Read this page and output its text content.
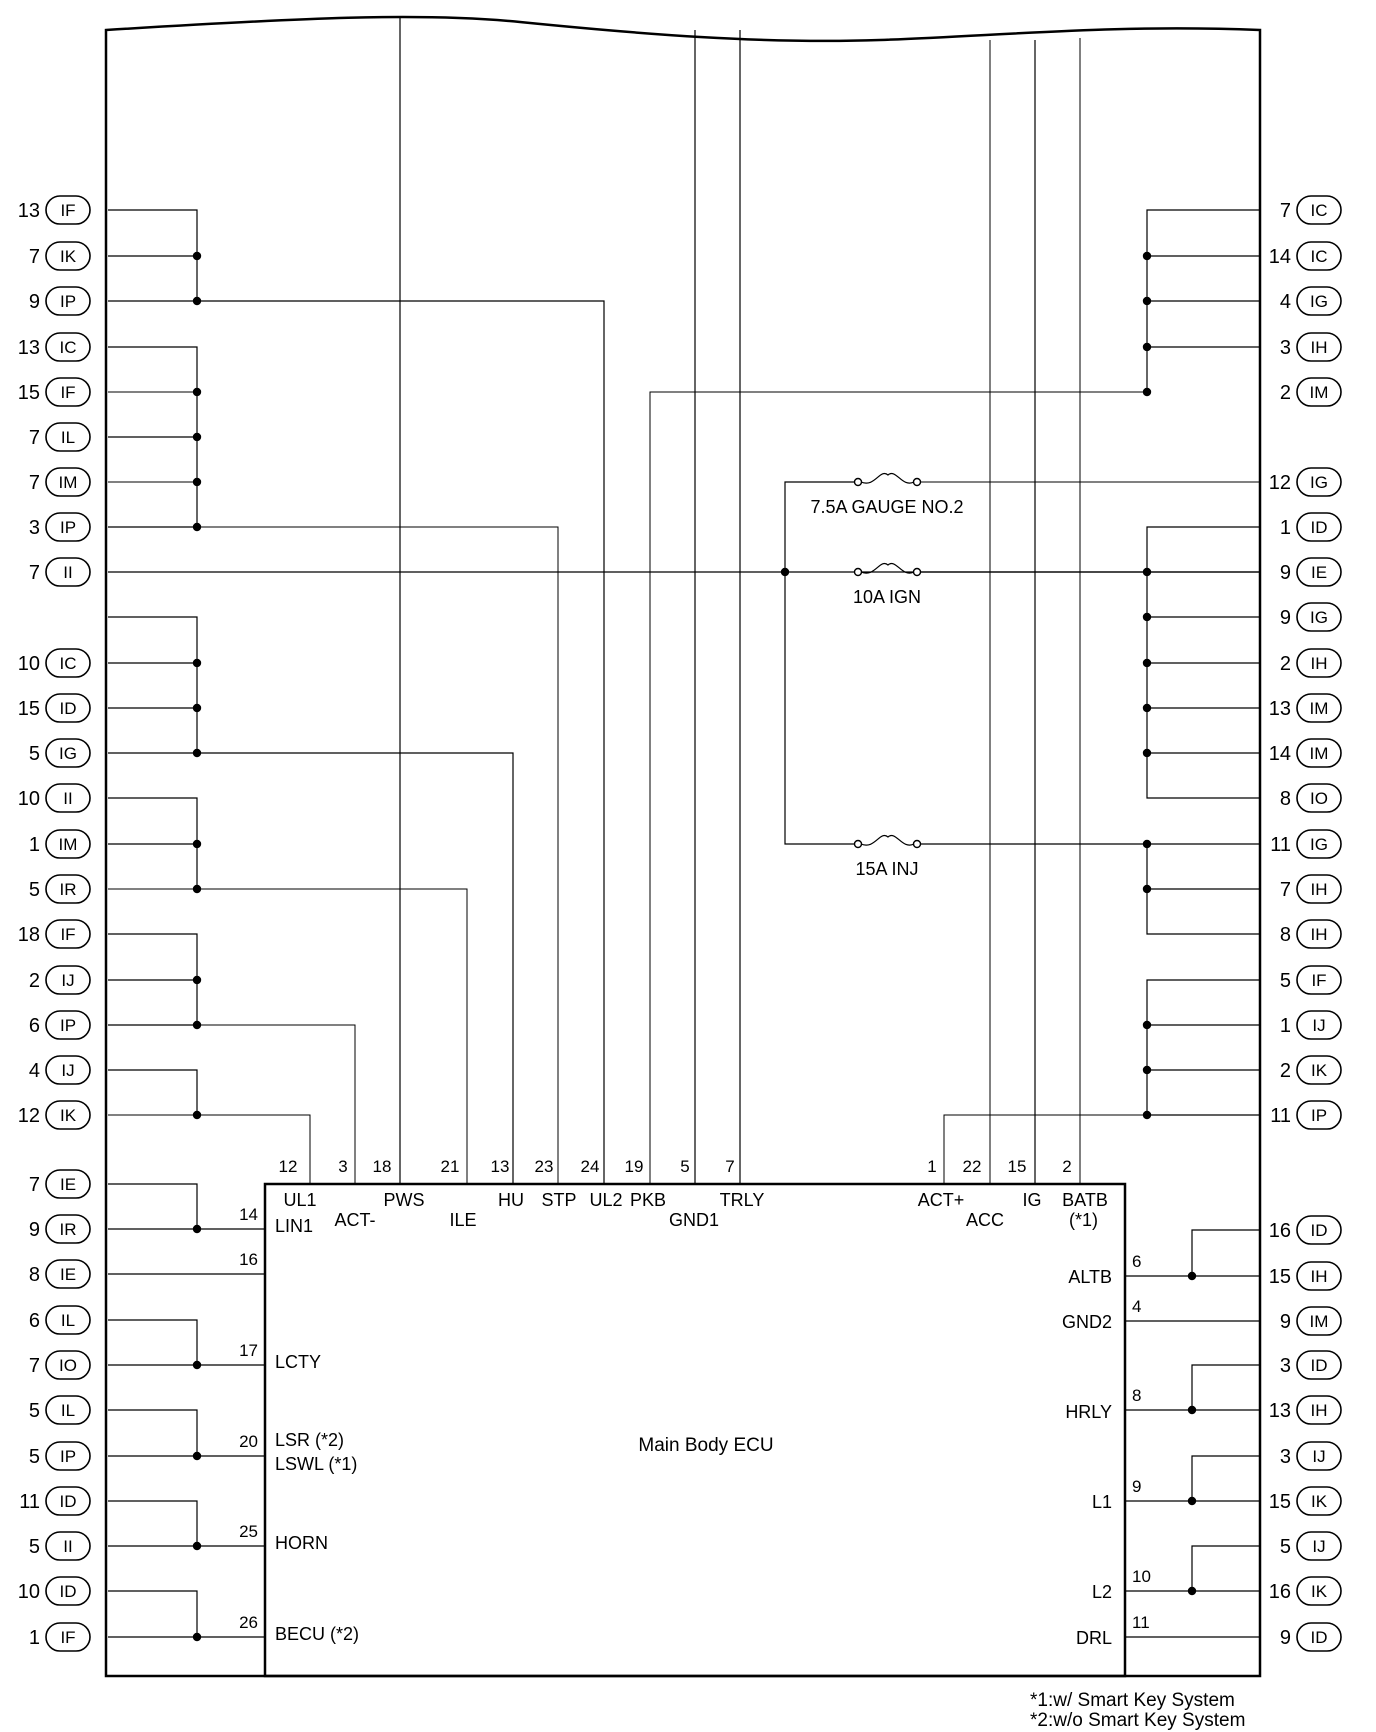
Main Body ECU
7.5A GAUGE NO.2
10A IGN
15A INJ
13 IF
7 IK
9 IP
13 IC
15 IF
7 IL
7 IM
3 IP
7 II
10 IC
15 ID
5 IG
10 II
1 IM
5 IR
18 IF
2 IJ
6 IP
4 IJ
12 IK
7 IE
9 IR
8 IE
6 IL
7 IO
5 IL
5 IP
11 ID
5 II
10 ID
1 IF
7 IC
14 IC
4 IG
3 IH
2 IM
12 IG
1 ID
9 IE
9 IG
2 IH
13 IM
14 IM
8 IO
11 IG
7 IH
8 IH
5 IF
1 IJ
2 IK
11 IP
16 ID
15 IH
9 IM
3 ID
13 IH
3 IJ
15 IK
5 IJ
16 IK
9 ID
12
UL1
3
ACT-
18
PWS
21
ILE
13
HU
23
STP
24
UL2
19
PKB
5
GND1
7
TRLY
1
ACT+
22
ACC
15
IG
2
BATB
(*1)
14
LIN1
16
17
LCTY
20 LSR (*2)
25
HORN
26
BECU (*2)
LSWL (*1)
6
ALTB
4
GND2
8
HRLY
9
L1
10
L2
11
DRL
*1:w/ Smart Key System
*2:w/o Smart Key System
